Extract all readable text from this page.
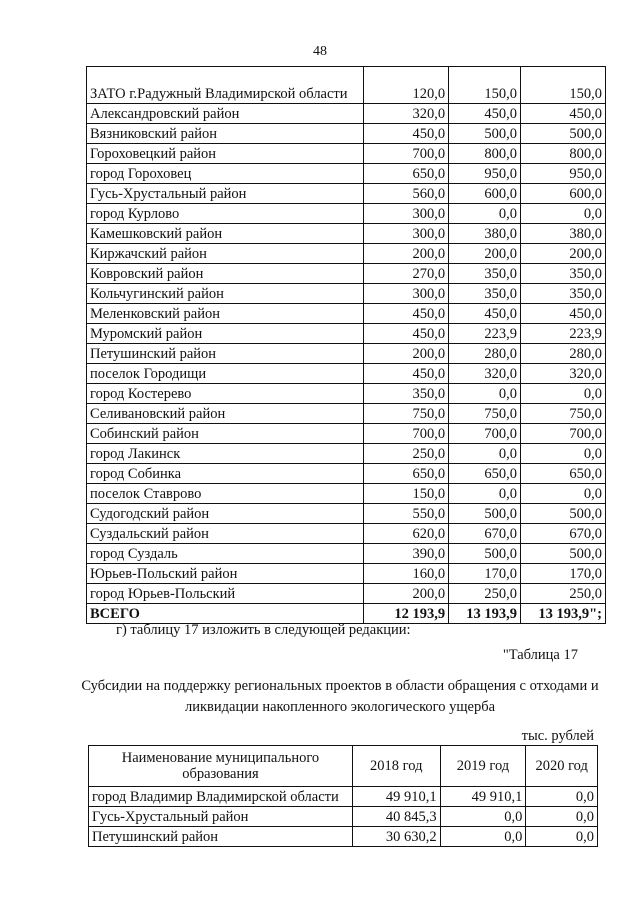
48
ЗАТО г.Радужный Владимирской области	120,0	150,0	150,0
Александровский район	320,0	450,0	450,0
Вязниковский район	450,0	500,0	500,0
Гороховецкий район	700,0	800,0	800,0
город Гороховец	650,0	950,0	950,0
Гусь-Хрустальный район	560,0	600,0	600,0
город Курлово	300,0	0,0	0,0
Камешковский район	300,0	380,0	380,0
Киржачский район	200,0	200,0	200,0
Ковровский район	270,0	350,0	350,0
Кольчугинский район	300,0	350,0	350,0
Меленковский район	450,0	450,0	450,0
Муромский район	450,0	223,9	223,9
Петушинский район	200,0	280,0	280,0
поселок Городищи	450,0	320,0	320,0
город Костерево	350,0	0,0	0,0
Селивановский район	750,0	750,0	750,0
Собинский район	700,0	700,0	700,0
город Лакинск	250,0	0,0	0,0
город Собинка	650,0	650,0	650,0
поселок Ставрово	150,0	0,0	0,0
Судогодский район	550,0	500,0	500,0
Суздальский район	620,0	670,0	670,0
город Суздаль	390,0	500,0	500,0
Юрьев-Польский район	160,0	170,0	170,0
город Юрьев-Польский	200,0	250,0	250,0
ВСЕГО	12 193,9	13 193,9	13 193,9";
г) таблицу 17 изложить в следующей редакции:
"Таблица 17
Субсидии на поддержку региональных проектов в области обращения с отходами и ликвидации накопленного экологического ущерба
тыс. рублей
Наименование муниципального образования	2018 год	2019 год	2020 год
город Владимир Владимирской области	49 910,1	49 910,1	0,0
Гусь-Хрустальный район	40 845,3	0,0	0,0
Петушинский район	30 630,2	0,0	0,0
